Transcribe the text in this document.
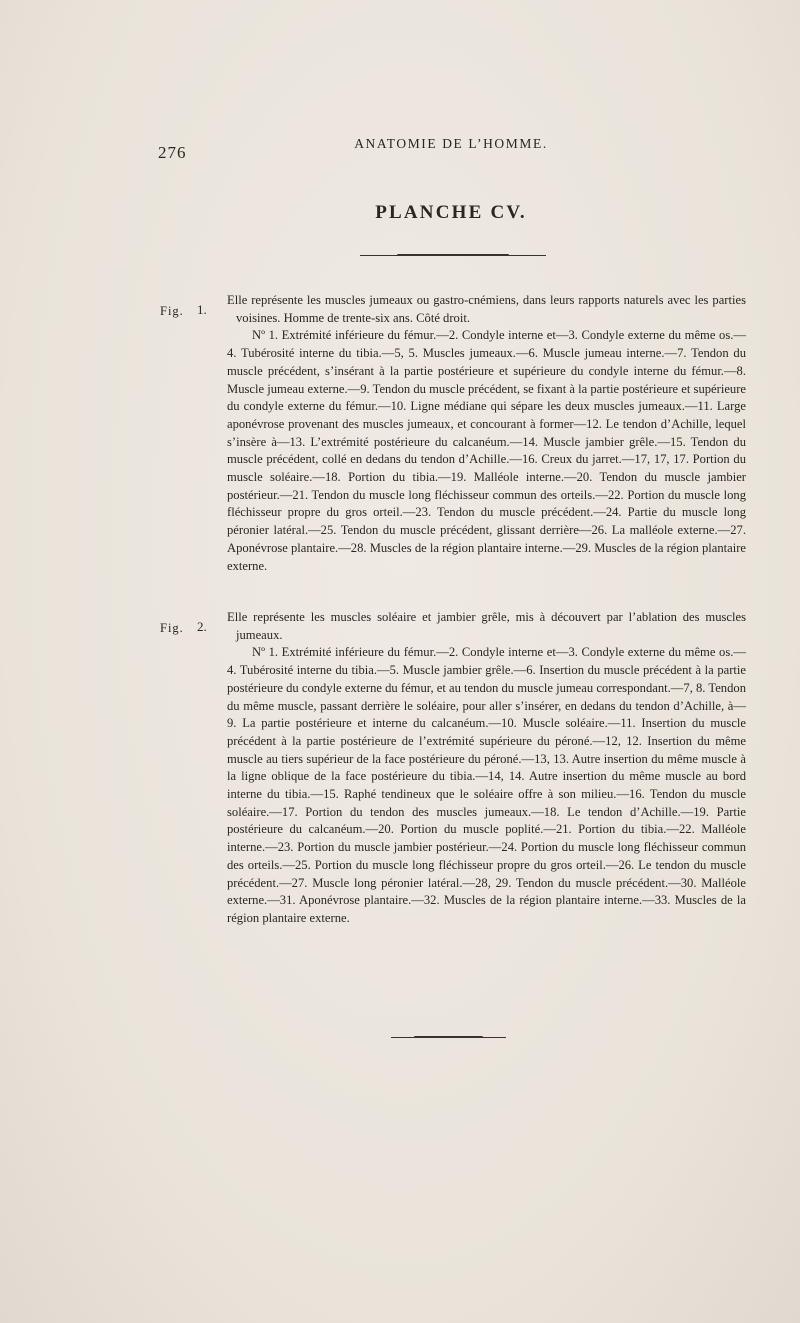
276	ANATOMIE DE L’HOMME.
PLANCHE CV.
Fig. 1.

Elle représente les muscles jumeaux ou gastro-cnémiens, dans leurs rapports naturels avec les parties voisines. Homme de trente-six ans. Côté droit.

Nº 1. Extrémité inférieure du fémur.—2. Condyle interne et—3. Condyle externe du même os.—4. Tubérosité interne du tibia.—5, 5. Muscles jumeaux.—6. Muscle jumeau interne.—7. Tendon du muscle précédent, s’insérant à la partie postérieure et supérieure du condyle interne du fémur.—8. Muscle jumeau externe.—9. Tendon du muscle précédent, se fixant à la partie postérieure et supérieure du condyle externe du fémur.—10. Ligne médiane qui sépare les deux muscles jumeaux.—11. Large aponévrose provenant des muscles jumeaux, et concourant à former—12. Le tendon d’Achille, lequel s’insère à—13. L’extrémité postérieure du calcanéum.—14. Muscle jambier grêle.—15. Tendon du muscle précédent, collé en dedans du tendon d’Achille.—16. Creux du jarret.—17, 17, 17. Portion du muscle soléaire.—18. Portion du tibia.—19. Malléole interne.—20. Tendon du muscle jambier postérieur.—21. Tendon du muscle long fléchisseur commun des orteils.—22. Portion du muscle long fléchisseur propre du gros orteil.—23. Tendon du muscle précédent.—24. Partie du muscle long péronier latéral.—25. Tendon du muscle précédent, glissant derrière—26. La malléole externe.—27. Aponévrose plantaire.—28. Muscles de la région plantaire interne.—29. Muscles de la région plantaire externe.

Fig. 2.

Elle représente les muscles soléaire et jambier grêle, mis à découvert par l’ablation des muscles jumeaux.

Nº 1. Extrémité inférieure du fémur.—2. Condyle interne et—3. Condyle externe du même os.—4. Tubérosité interne du tibia.—5. Muscle jambier grêle.—6. Insertion du muscle précédent à la partie postérieure du condyle externe du fémur, et au tendon du muscle jumeau correspondant.—7, 8. Tendon du même muscle, passant derrière le soléaire, pour aller s’insérer, en dedans du tendon d’Achille, à—9. La partie postérieure et interne du calcanéum.—10. Muscle soléaire.—11. Insertion du muscle précédent à la partie postérieure de l’extrémité supérieure du péroné.—12, 12. Insertion du même muscle au tiers supérieur de la face postérieure du péroné.—13, 13. Autre insertion du même muscle à la ligne oblique de la face postérieure du tibia.—14, 14. Autre insertion du même muscle au bord interne du tibia.—15. Raphé tendineux que le soléaire offre à son milieu.—16. Tendon du muscle soléaire.—17. Portion du tendon des muscles jumeaux.—18. Le tendon d’Achille.—19. Partie postérieure du calcanéum.—20. Portion du muscle poplité.—21. Portion du tibia.—22. Malléole interne.—23. Portion du muscle jambier postérieur.—24. Portion du muscle long fléchisseur commun des orteils.—25. Portion du muscle long fléchisseur propre du gros orteil.—26. Le tendon du muscle précédent.—27. Muscle long péronier latéral.—28, 29. Tendon du muscle précédent.—30. Malléole externe.—31. Aponévrose plantaire.—32. Muscles de la région plantaire interne.—33. Muscles de la région plantaire externe.
